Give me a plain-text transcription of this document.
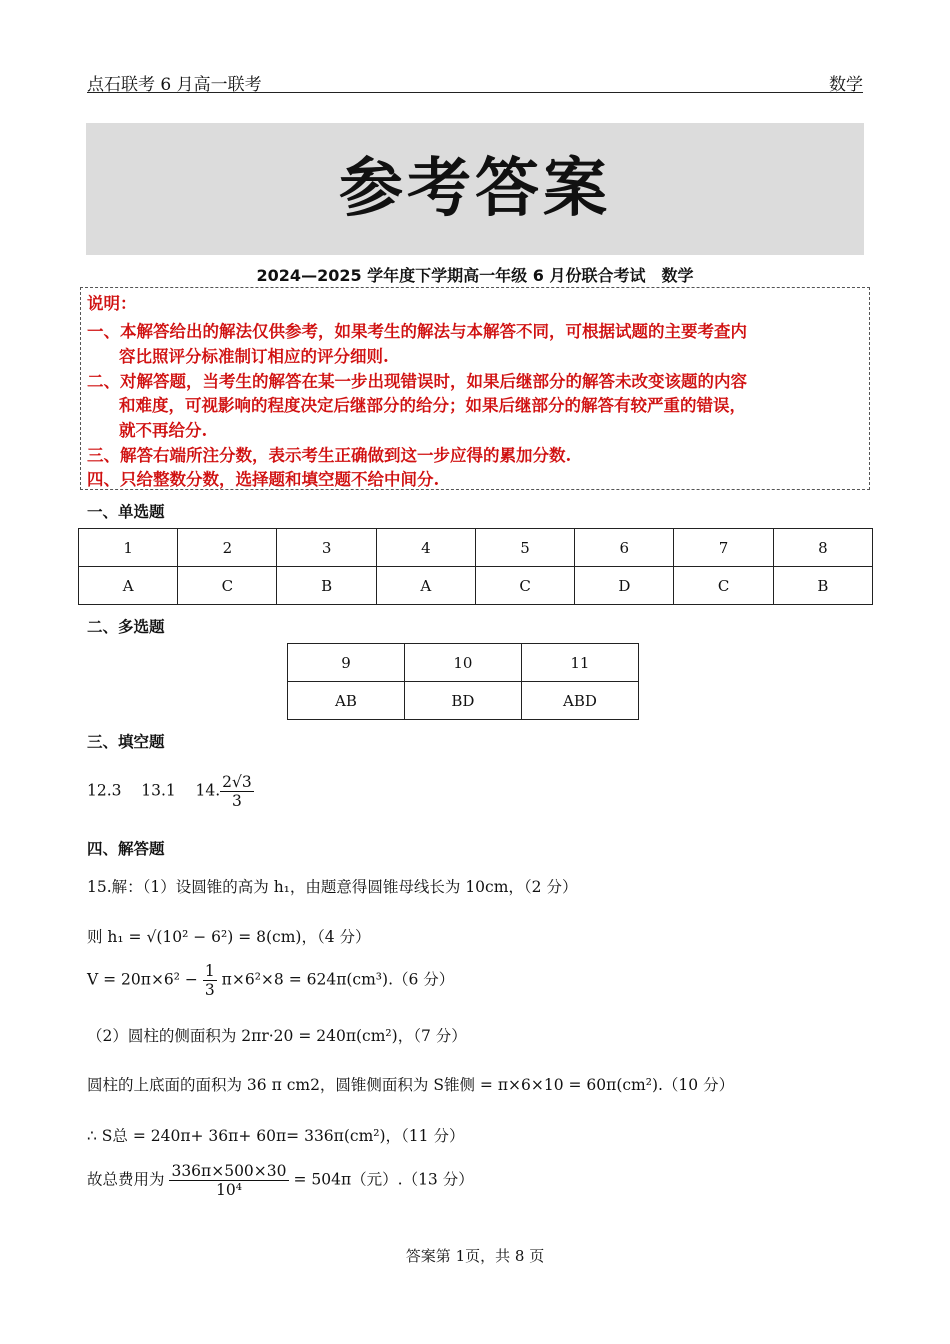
点石联考 6 月高一联考	数学
参考答案
2024—2025 学年度下学期高一年级 6 月份联合考试　数学
说明：
一、本解答给出的解法仅供参考，如果考生的解法与本解答不同，可根据试题的主要考查内
容比照评分标准制订相应的评分细则.
二、对解答题，当考生的解答在某一步出现错误时，如果后继部分的解答未改变该题的内容
和难度，可视影响的程度决定后继部分的给分；如果后继部分的解答有较严重的错误，
就不再给分.
三、解答右端所注分数，表示考生正确做到这一步应得的累加分数.
四、只给整数分数，选择题和填空题不给中间分.
一、单选题
1	2	3	4	5	6	7	8
A	C	B	A	C	D	C	B
二、多选题
9	10	11
AB	BD	ABD
三、填空题
12.3 13.1 14. $\frac{2√3}{3}$
四、解答题
15.解：（1）设圆锥的高为 h₁，由题意得圆锥母线长为 10cm，（2 分）
则 h₁ = √(10² − 6²) = 8(cm)，（4 分）
$V = 20\pi\times 6^2 - \frac{1}{3} \pi\times 6^2\times 8 = 624\pi(cm^3).(6$ 分）
（2）圆柱的侧面积为 2πr·20 = 240π(cm²)，（7 分）
圆柱的上底面的面积为 36 π cm2，圆锥侧面积为 S锥侧 = π×6×10 = 60π(cm²).（10 分）
∴ S总 = 240π+ 36π+ 60π= 336π(cm²)，（11 分）
故总费用为 $\frac{336\pi\times 500\times 30}{\text{10⁴}} = 504\pi$（元）.（13 分）
答案第 1页，共 8 页
